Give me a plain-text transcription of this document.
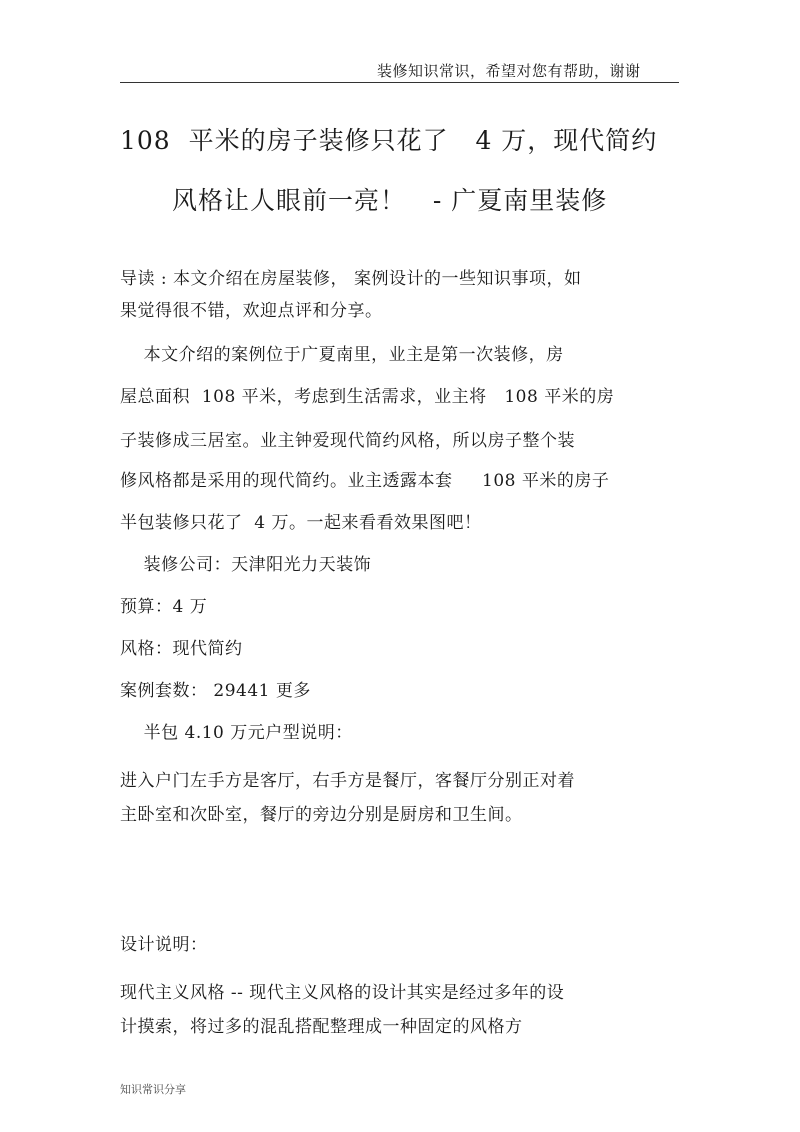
装修知识常识，希望对您有帮助，谢谢
108  平米的房子装修只花了   4 万，现代简约
风格让人眼前一亮！   - 广夏南里装修
导读 : 本文介绍在房屋装修， 案例设计的一些知识事项，如
果觉得很不错，欢迎点评和分享。
本文介绍的案例位于广夏南里，业主是第一次装修，房
屋总面积  108 平米，考虑到生活需求，业主将   108 平米的房
子装修成三居室。业主钟爱现代简约风格，所以房子整个装
修风格都是采用的现代简约。业主透露本套     108 平米的房子
半包装修只花了  4 万。一起来看看效果图吧！
装修公司：天津阳光力天装饰
预算：4 万
风格：现代简约
案例套数： 29441 更多
半包 4.10 万元户型说明：
进入户门左手方是客厅，右手方是餐厅，客餐厅分别正对着
主卧室和次卧室，餐厅的旁边分别是厨房和卫生间。
设计说明：
现代主义风格 -- 现代主义风格的设计其实是经过多年的设
计摸索，将过多的混乱搭配整理成一种固定的风格方
知识常识分享
